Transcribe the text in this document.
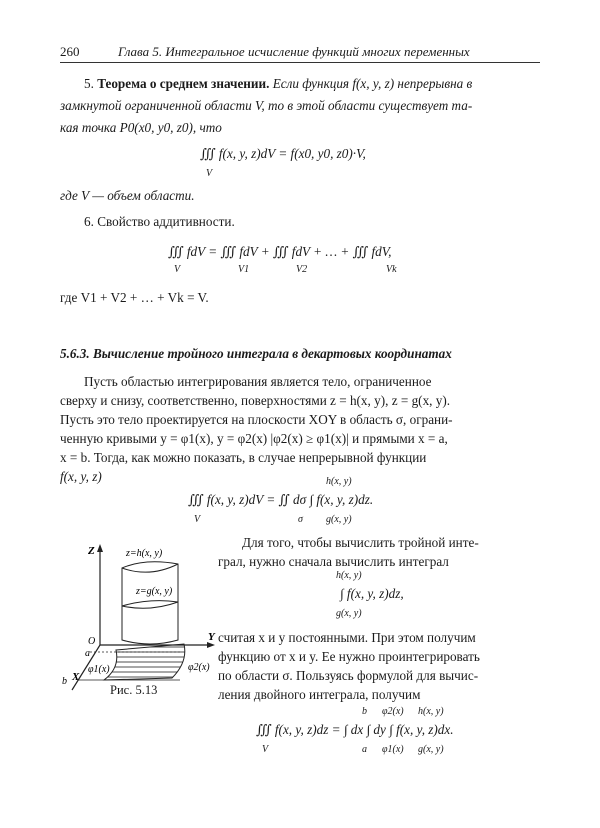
260	Глава 5. Интегральное исчисление функций многих переменных
5. Теорема о среднем значении. Если функция f(x, y, z) непрерывна в
замкнутой ограниченной области V, то в этой области существует та-
кая точка P0(x0, y0, z0), что
∭ f(x, y, z)dV = f(x0, y0, z0)·V,
V
где V — объем области.
6. Свойство аддитивности.
∭ fdV = ∭ fdV + ∭ fdV + … + ∭ fdV,
V	V1	V2	Vk
где V1 + V2 + … + Vk = V.
5.6.3. Вычисление тройного интеграла в декартовых координатах
Пусть областью интегрирования является тело, ограниченное
сверху и снизу, соответственно, поверхностями z = h(x, y), z = g(x, y).
Пусть это тело проектируется на плоскости XOY в область σ, ограни-
ченную кривыми y = φ1(x), y = φ2(x) |φ2(x) ≥ φ1(x)| и прямыми x = a,
x = b. Тогда, как можно показать, в случае непрерывной функции
f(x, y, z)
∭ f(x, y, z)dV = ∬ dσ ∫ f(x, y, z)dz.
V	σ
h(x, y)
g(x, y)
Z
Y
X
O
a
b
z=h(x, y)
z=g(x, y)
φ1(x)	φ2(x)
Рис. 5.13
Для того, чтобы вычислить тройной инте-
грал, нужно сначала вычислить интеграл
h(x, y)
∫ f(x, y, z)dz,
g(x, y)
считая x и y постоянными. При этом получим
функцию от x и y. Ее нужно проинтегрировать
по области σ. Пользуясь формулой для вычис-
ления двойного интеграла, получим
b φ2(x) h(x, y)
∭ f(x, y, z)dz = ∫ dx ∫ dy ∫ f(x, y, z)dx.
V	a φ1(x) g(x, y)
